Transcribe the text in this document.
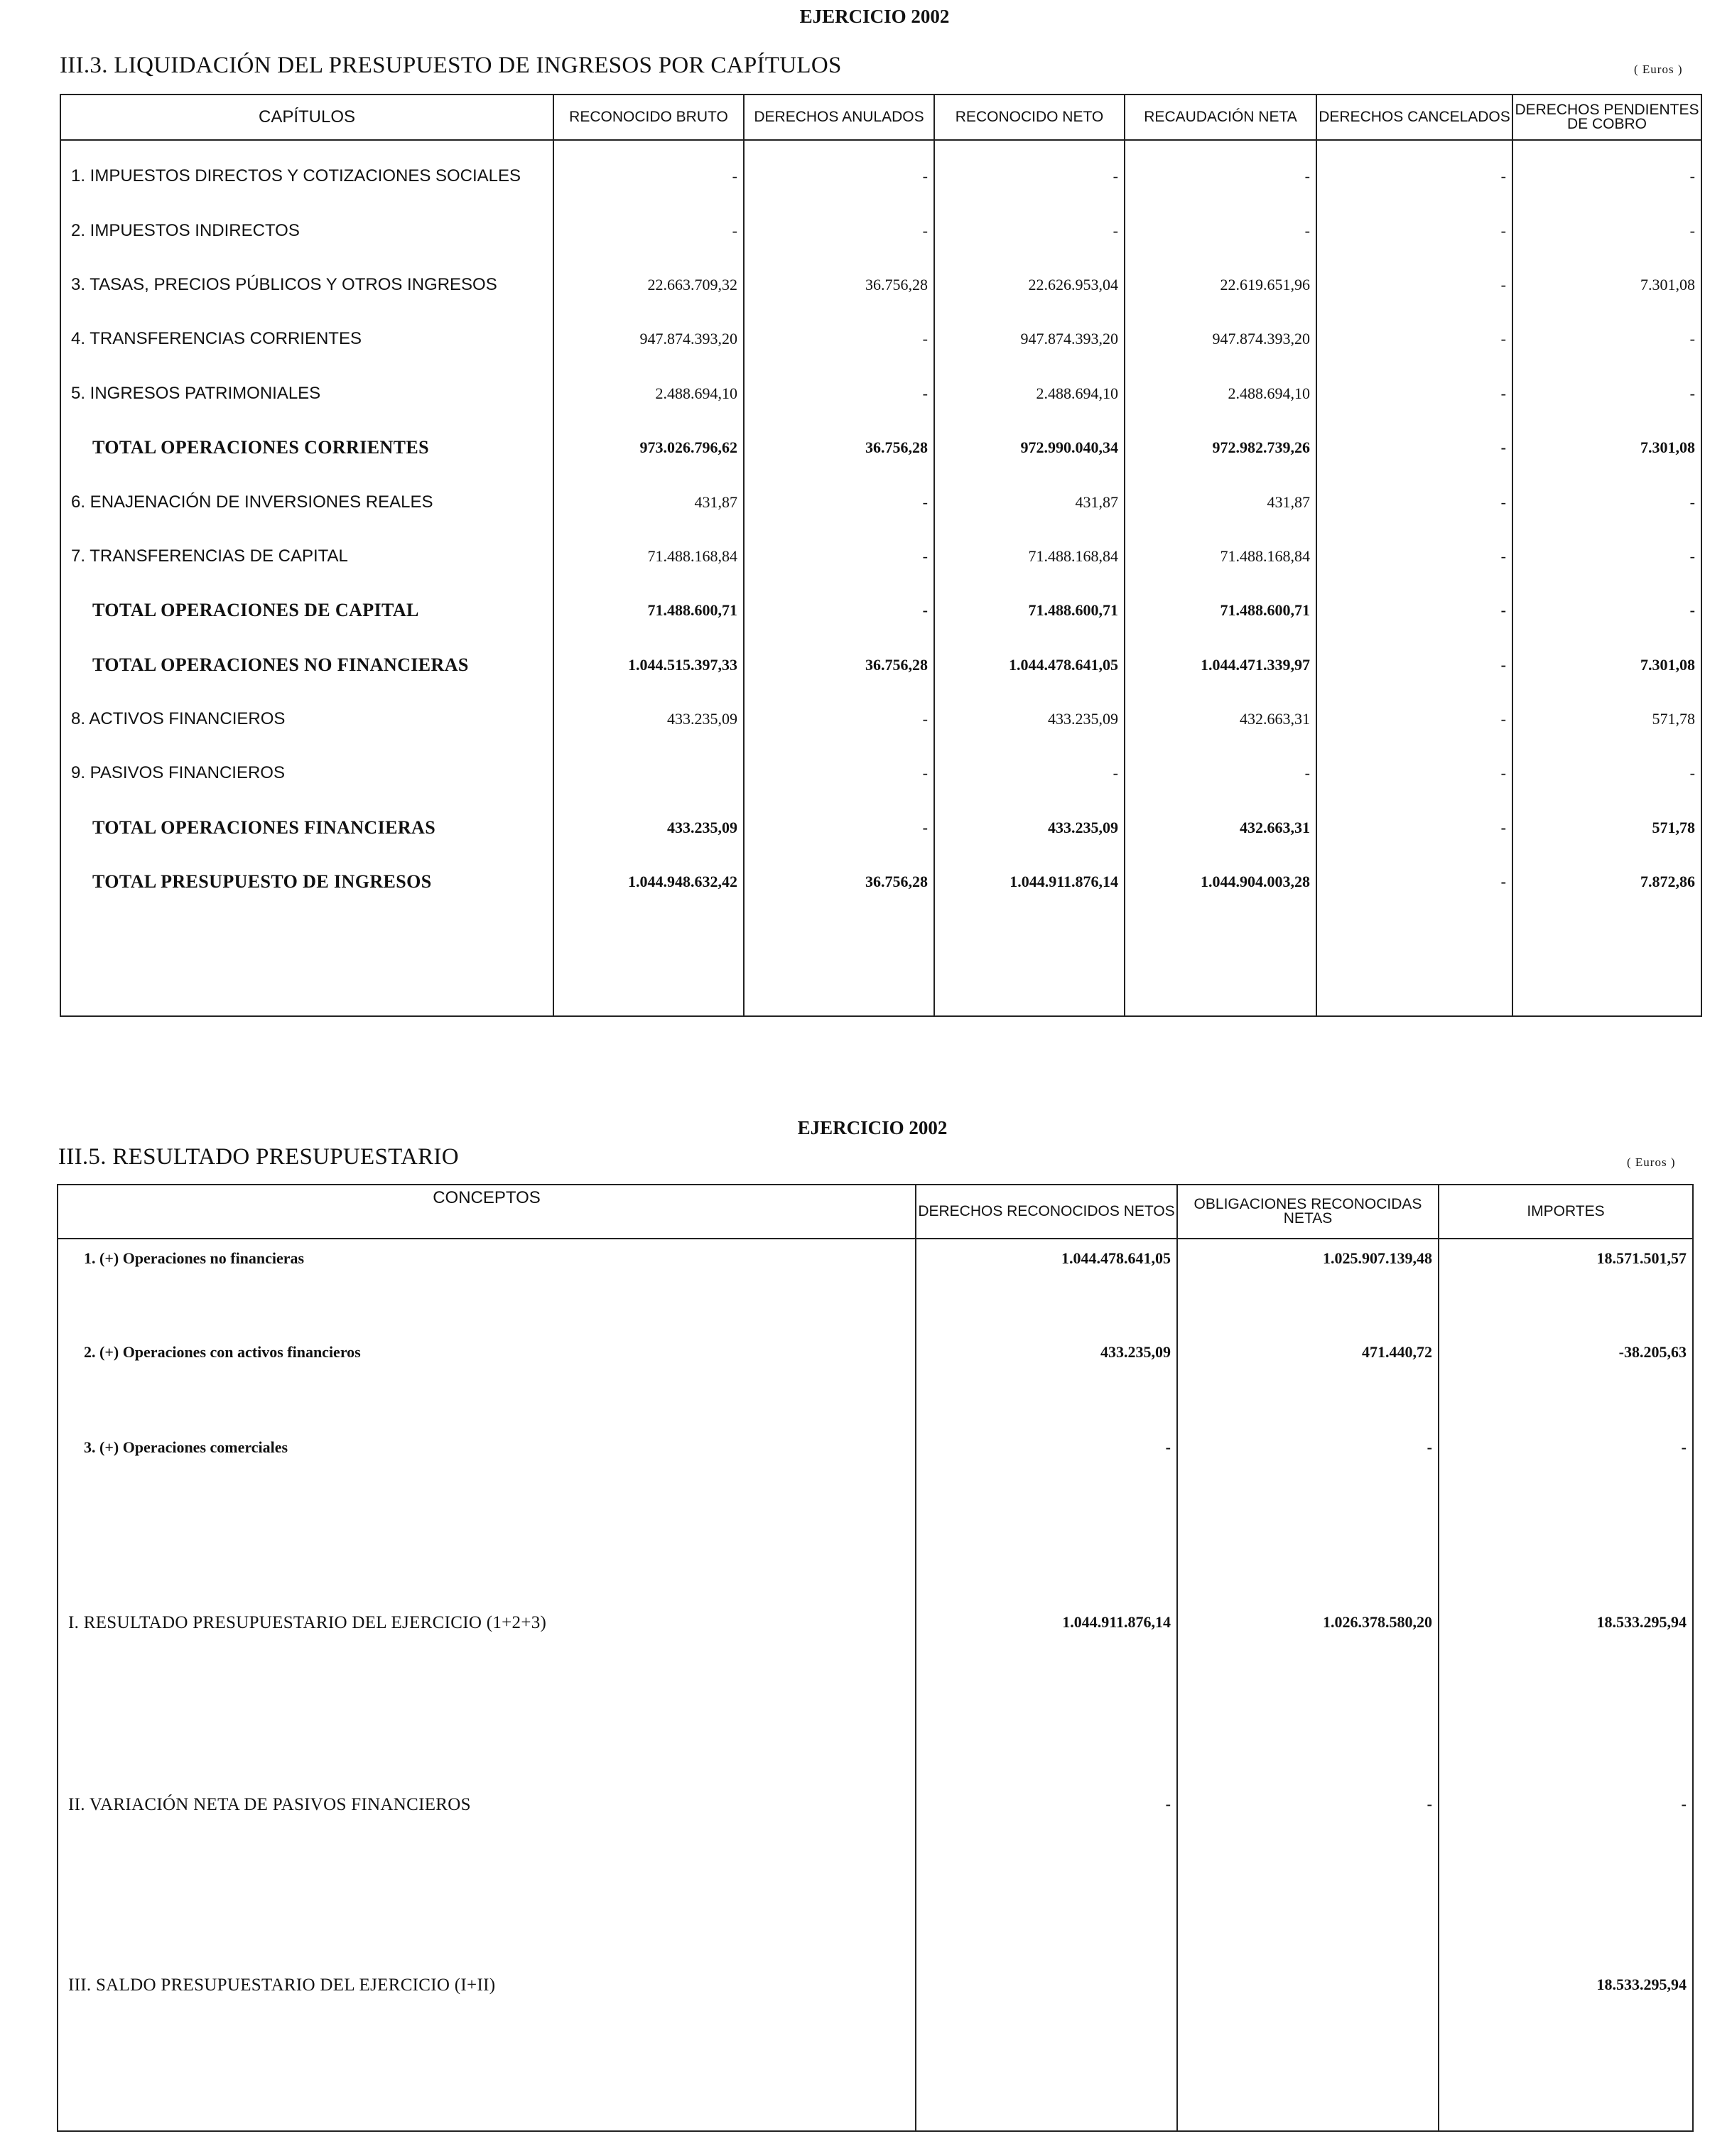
EJERCICIO 2002
III.3. LIQUIDACIÓN DEL PRESUPUESTO DE INGRESOS POR CAPÍTULOS	( Euros )
CAPÍTULOS	RECONOCIDO BRUTO	DERECHOS ANULADOS	RECONOCIDO NETO	RECAUDACIÓN NETA	DERECHOS CANCELADOS	DERECHOS PENDIENTES DE COBRO
1. IMPUESTOS DIRECTOS Y COTIZACIONES SOCIALES	-	-	-	-	-	-
2. IMPUESTOS INDIRECTOS	-	-	-	-	-	-
3. TASAS, PRECIOS PÚBLICOS Y OTROS INGRESOS	22.663.709,32	36.756,28	22.626.953,04	22.619.651,96	-	7.301,08
4. TRANSFERENCIAS CORRIENTES	947.874.393,20	-	947.874.393,20	947.874.393,20	-	-
5. INGRESOS PATRIMONIALES	2.488.694,10	-	2.488.694,10	2.488.694,10	-	-
TOTAL OPERACIONES CORRIENTES	973.026.796,62	36.756,28	972.990.040,34	972.982.739,26	-	7.301,08
6. ENAJENACIÓN DE INVERSIONES REALES	431,87	-	431,87	431,87	-	-
7. TRANSFERENCIAS DE CAPITAL	71.488.168,84	-	71.488.168,84	71.488.168,84	-	-
TOTAL OPERACIONES DE CAPITAL	71.488.600,71	-	71.488.600,71	71.488.600,71	-	-
TOTAL OPERACIONES NO FINANCIERAS	1.044.515.397,33	36.756,28	1.044.478.641,05	1.044.471.339,97	-	7.301,08
8. ACTIVOS FINANCIEROS	433.235,09	-	433.235,09	432.663,31	-	571,78
9. PASIVOS FINANCIEROS		-	-	-	-	-
TOTAL OPERACIONES FINANCIERAS	433.235,09	-	433.235,09	432.663,31	-	571,78
TOTAL PRESUPUESTO DE INGRESOS	1.044.948.632,42	36.756,28	1.044.911.876,14	1.044.904.003,28	-	7.872,86

EJERCICIO 2002
III.5. RESULTADO PRESUPUESTARIO	( Euros )
CONCEPTOS	DERECHOS RECONOCIDOS NETOS	OBLIGACIONES RECONOCIDAS NETAS	IMPORTES
1. (+) Operaciones no financieras	1.044.478.641,05	1.025.907.139,48	18.571.501,57
2. (+) Operaciones con activos financieros	433.235,09	471.440,72	-38.205,63
3. (+) Operaciones comerciales	-	-	-
I. RESULTADO PRESUPUESTARIO DEL EJERCICIO (1+2+3)	1.044.911.876,14	1.026.378.580,20	18.533.295,94
II. VARIACIÓN NETA DE PASIVOS FINANCIEROS	-	-	-
III. SALDO PRESUPUESTARIO DEL EJERCICIO (I+II)			18.533.295,94
